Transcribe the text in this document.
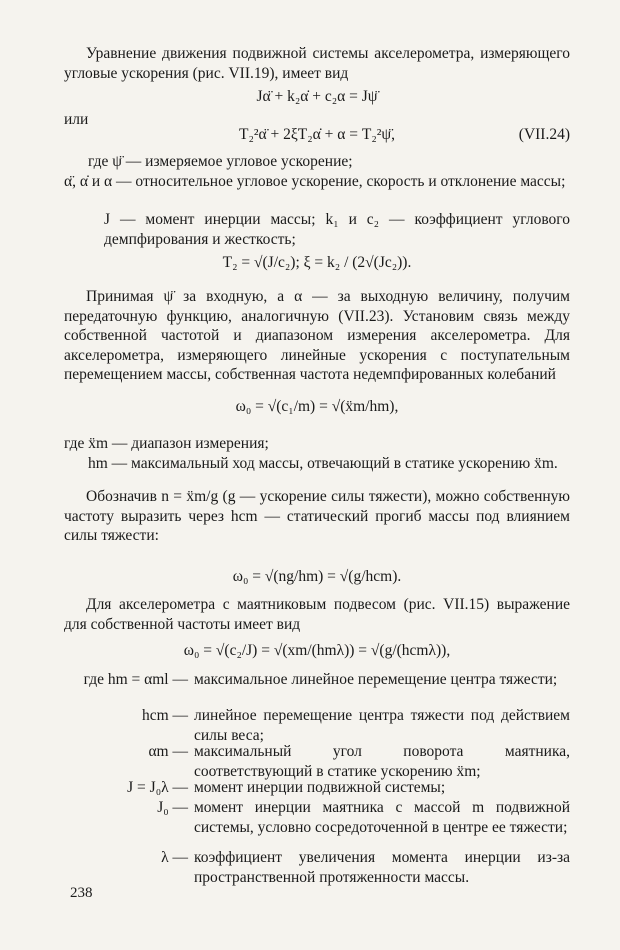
Уравнение движения подвижной системы акселерометра, измеряющего угловые ускорения (рис. VII.19), имеет вид
Jα̈ + k₂α̇ + c₂α = Jψ̈
или
T₂²α̈ + 2ξT₂α̇ + α = T₂²ψ̈,	(VII.24)
где ψ̈ — измеряемое угловое ускорение;
α̈, α̇ и α — относительное угловое ускорение, скорость и отклонение массы;
J — момент инерции массы; k₁ и c₂ — коэффициент углового демпфирования и жесткость;
T₂ = √(J/c₂); ξ = k₂ / (2√(Jc₂)).
Принимая ψ̈ за входную, а α — за выходную величину, получим передаточную функцию, аналогичную (VII.23). Установим связь между собственной частотой и диапазоном измерения акселерометра. Для акселерометра, измеряющего линейные ускорения с поступательным перемещением массы, собственная частота недемпфированных колебаний
ω₀ = √(c₁/m) = √(ẍm/hm),
где ẍm — диапазон измерения;
hm — максимальный ход массы, отвечающий в статике ускорению ẍm.
Обозначив n = ẍm/g (g — ускорение силы тяжести), можно собственную частоту выразить через hcm — статический прогиб массы под влиянием силы тяжести:
ω₀ = √(ng/hm) = √(g/hcm).
Для акселерометра с маятниковым подвесом (рис. VII.15) выражение для собственной частоты имеет вид
ω₀ = √(c₂/J) = √(xm/(hmλ)) = √(g/(hcmλ)),
где hm = αml — максимальное линейное перемещение центра тяжести;
hcm — линейное перемещение центра тяжести под действием силы веса;
αm — максимальный угол поворота маятника, соответствующий в статике ускорению ẍm;
J = J₀λ — момент инерции подвижной системы;
J₀ — момент инерции маятника с массой m подвижной системы, условно сосредоточенной в центре ее тяжести;
λ — коэффициент увеличения момента инерции из-за пространственной протяженности массы.
238
